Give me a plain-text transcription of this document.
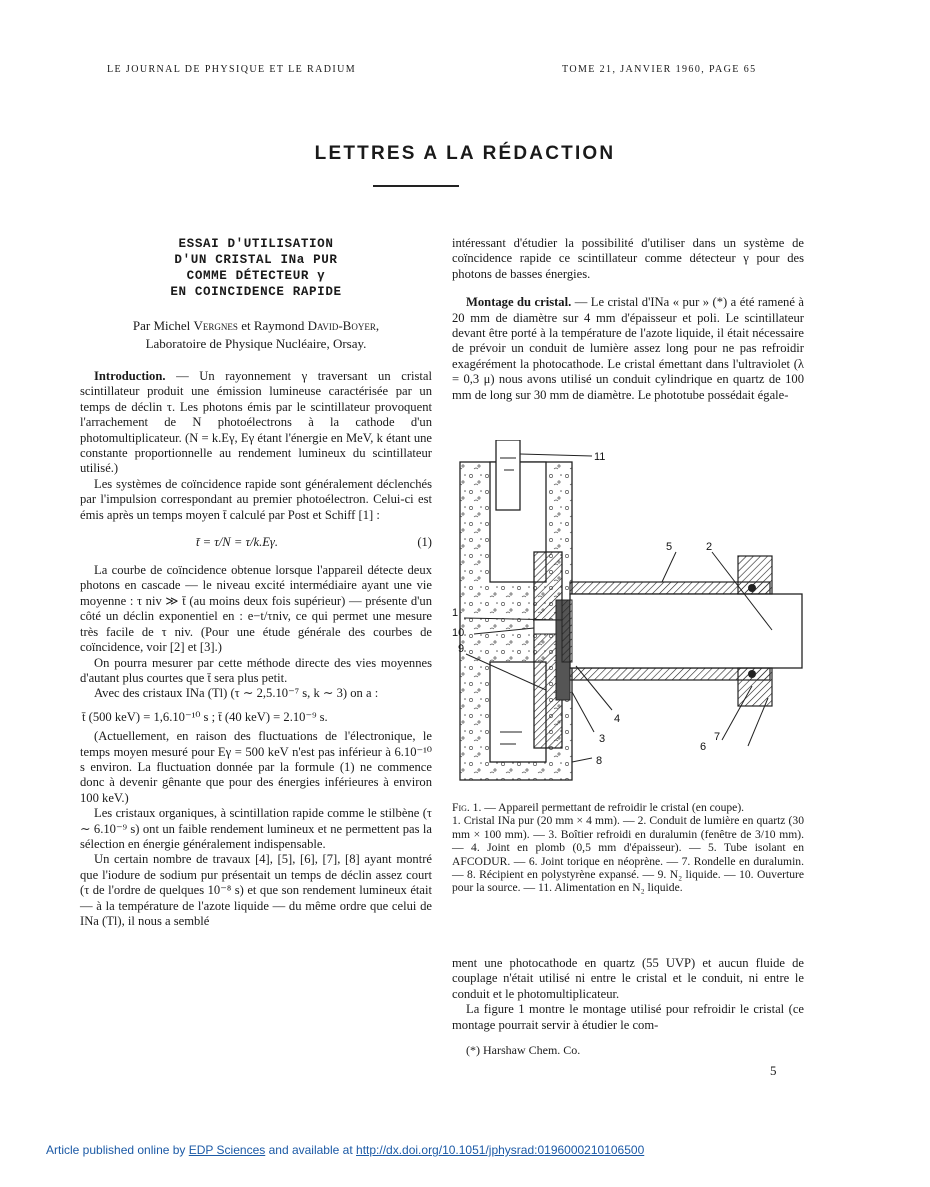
LE JOURNAL DE PHYSIQUE ET LE RADIUM	TOME 21, JANVIER 1960, PAGE 65
LETTRES A LA RÉDACTION
ESSAI D'UTILISATION
D'UN CRISTAL INa PUR
COMME DÉTECTEUR γ
EN COINCIDENCE RAPIDE
Par Michel Vergnes et Raymond David-Boyer,
Laboratoire de Physique Nucléaire, Orsay.

Introduction. — Un rayonnement γ traversant un cristal scintillateur produit une émission lumineuse caractérisée par un temps de déclin τ. Les photons émis par le scintillateur provoquent l'arrachement de N photoélectrons à la cathode d'un photomultiplicateur. (N = k.Eγ, Eγ étant l'énergie en MeV, k étant une constante proportionnelle au rendement lumineux du scintillateur utilisé.)

Les systèmes de coïncidence rapide sont généralement déclenchés par l'impulsion correspondant au premier photoélectron. Celui-ci est émis après un temps moyen t̄ calculé par Post et Schiff [1] :

t̄ = τ/N = τ/k.Eγ.	(1)

La courbe de coïncidence obtenue lorsque l'appareil détecte deux photons en cascade — le niveau excité intermédiaire ayant une vie moyenne : τ niv ≫ t̄ (au moins deux fois supérieur) — présente d'un côté un déclin exponentiel en : e−t/τniv, ce qui permet une mesure très facile de τ niv. (Pour une étude générale des courbes de coïncidence, voir [2] et [3].)

On pourra mesurer par cette méthode directe des vies moyennes d'autant plus courtes que t̄ sera plus petit.

Avec des cristaux INa (Tl) (τ ∼ 2,5.10⁻⁷ s, k ∼ 3) on a :

t̄ (500 keV) = 1,6.10⁻¹⁰ s ; t̄ (40 keV) = 2.10⁻⁹ s.

(Actuellement, en raison des fluctuations de l'électronique, le temps moyen mesuré pour Eγ = 500 keV n'est pas inférieur à 6.10⁻¹⁰ s environ. La fluctuation donnée par la formule (1) ne commence donc à devenir gênante que pour des énergies inférieures à environ 100 keV.)

Les cristaux organiques, à scintillation rapide comme le stilbène (τ ∼ 6.10⁻⁹ s) ont un faible rendement lumineux et ne permettent pas la sélection en énergie généralement indispensable.

Un certain nombre de travaux [4], [5], [6], [7], [8] ayant montré que l'iodure de sodium pur présentait un temps de déclin assez court (τ de l'ordre de quelques 10⁻⁸ s) et que son rendement lumineux était — à la température de l'azote liquide — du même ordre que celui de INa (Tl), il nous a semblé

intéressant d'étudier la possibilité d'utiliser dans un système de coïncidence rapide ce scintillateur comme détecteur γ pour des photons de basses énergies.

Montage du cristal. — Le cristal d'INa « pur » (*) a été ramené à 20 mm de diamètre sur 4 mm d'épaisseur et poli. Le scintillateur devant être porté à la température de l'azote liquide, il était nécessaire de prévoir un conduit de lumière assez long pour ne pas refroidir exagérément la photocathode. Le cristal émettant dans l'ultraviolet (λ = 0,3 μ) nous avons utilisé un conduit cylindrique en quartz de 100 mm de long sur 30 mm de diamètre. Le phototube possédait égale-

1
2
3
4
5
6
7
8
9
10
11
Fig. 1. — Appareil permettant de refroidir le cristal (en coupe).
1. Cristal INa pur (20 mm × 4 mm). — 2. Conduit de lumière en quartz (30 mm × 100 mm). — 3. Boîtier refroidi en duralumin (fenêtre de 3/10 mm). — 4. Joint en plomb (0,5 mm d'épaisseur). — 5. Tube isolant en AFCODUR. — 6. Joint torique en néoprène. — 7. Rondelle en duralumin. — 8. Récipient en polystyrène expansé. — 9. N₂ liquide. — 10. Ouverture pour la source. — 11. Alimentation en N₂ liquide.

ment une photocathode en quartz (55 UVP) et aucun fluide de couplage n'était utilisé ni entre le cristal et le conduit, ni entre le conduit et le photomultiplicateur.

La figure 1 montre le montage utilisé pour refroidir le cristal (ce montage pourrait servir à étudier le com-

(*) Harshaw Chem. Co.
5
Article published online by EDP Sciences and available at http://dx.doi.org/10.1051/jphysrad:0196000210106500
